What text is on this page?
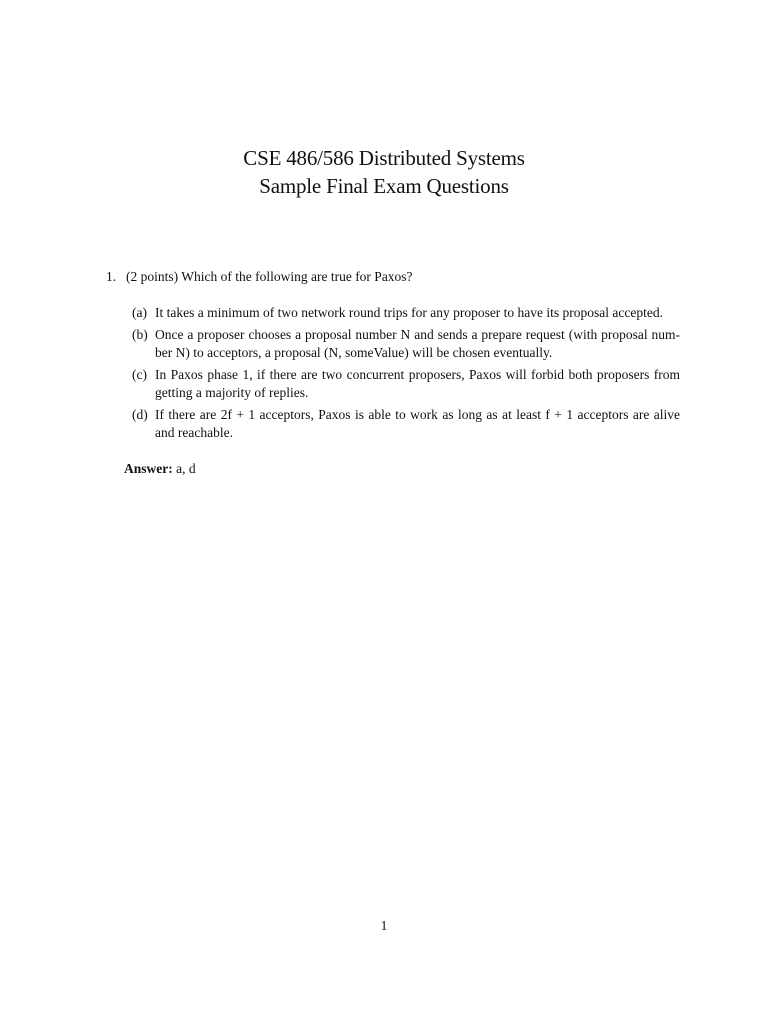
CSE 486/586 Distributed Systems
Sample Final Exam Questions
1. (2 points) Which of the following are true for Paxos?
(a) It takes a minimum of two network round trips for any proposer to have its proposal accepted.
(b) Once a proposer chooses a proposal number N and sends a prepare request (with proposal num-ber N) to acceptors, a proposal (N, someValue) will be chosen eventually.
(c) In Paxos phase 1, if there are two concurrent proposers, Paxos will forbid both proposers from getting a majority of replies.
(d) If there are 2f + 1 acceptors, Paxos is able to work as long as at least f + 1 acceptors are alive and reachable.
Answer: a, d
1
